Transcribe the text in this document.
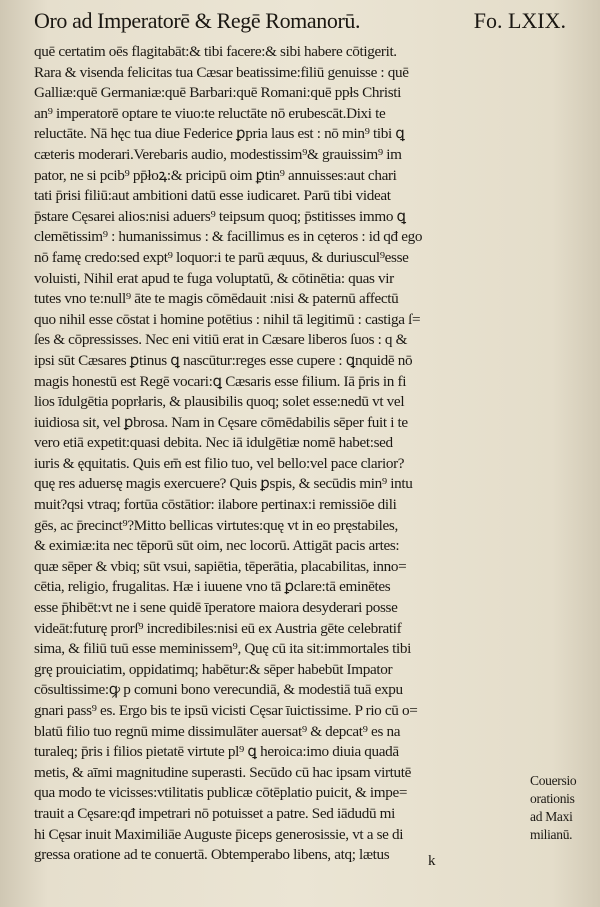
Oro ad Imperatorē & Regē Romanorū.	Fo. LXIX.
quē certatim oēs flagitabāt:& tibi facere:& sibi habere cōtigerit.
Rara & visenda felicitas tua Cæsar beatissime:filiū genuisse : quē
Galliæ:quē Germaniæ:quē Barbari:quē Romani:quē ppłs Christi
an⁹ imperatorē optare te viuo:te reluctāte nō erubescāt.Dixi te
reluctāte. Nā hęc tua diue Federice ꝑpria laus est : nō min⁹ tibi ꝗ
cæteris moderari.Verebaris audio, modestissim⁹& grauissim⁹ im
pator, ne si pcib⁹ pp̄łoꝝ:& pricipū oim ꝑtin⁹ annuisses:aut chari
tati p̄risi filiū:aut ambitioni datū esse iudicaret. Parū tibi videat
p̄stare Cęsarei alios:nisi aduers⁹ teipsum quoq; p̄stitisses immo ꝗ
clemētissim⁹ : humanissimus : & facillimus es in cęteros : id qđ ego
nō famę credo:sed expt⁹ loquor:i te parū æquus, & duriuscul⁹esse
voluisti, Nihil erat apud te fuga voluptatū, & cōtinētia: quas vir
tutes vno te:null⁹ āte te magis cōmēdauit :nisi & paternū affectū
quo nihil esse cōstat i homine potētius : nihil tā legitimū : castiga ſ=
ſes & cōpressisses. Nec eni vitiū erat in Cæsare liberos ſuos : q &
ipsi sūt Cæsares ꝑtinus ꝗ nascūtur:reges esse cupere : ꝗnquidē nō
magis honestū est Regē vocari:ꝗ Cæsaris esse filium. Iā p̄ris in fi
lios īdulgētia poprłaris, & plausibilis quoq; solet esse:nedū vt vel
iuidiosa sit, vel ꝑbrosa. Nam in Cęsare cōmēdabilis sēper fuit i te
vero etiā expetit:quasi debita. Nec iā idulgētiæ nomē habet:sed
iuris & ęquitatis. Quis em̄ est filio tuo, vel bello:vel pace clarior?
quę res aduersę magis exercuere? Quis ꝑspis, & secūdis min⁹ intu
muit?qsi vtraq; fortūa cōstātior: ilabore pertinax:i remissiōe dili
gēs, ac p̄recinct⁹?Mitto bellicas virtutes:quę vt in eo pręstabiles,
& eximiæ:ita nec tēporū sūt oim, nec locorū. Attigāt pacis artes:
quæ sēper & vbiq; sūt vsui, sapiētia, tēperātia, placabilitas, inno=
cētia, religio, frugalitas. Hæ i iuuene vno tā ꝑclare:tā eminētes
esse p̄hibēt:vt ne i sene quidē īperatore maiora desyderari posse
videāt:futurę prorſ⁹ incredibiles:nisi eū ex Austria gēte celebratif
sima, & filiū tuū esse meminissem⁹, Quę cū ita sit:immortales tibi
grę prouiciatim, oppidatimq; habētur:& sēper habebūt Impator
cōsultissime:ꝙ p comuni bono verecundiā, & modestiā tuā expu
gnari pass⁹ es. Ergo bis te ipsū vicisti Cęsar īuictissime. P rio cū o=
blatū filio tuo regnū mime dissimulāter auersat⁹ & depcat⁹ es na
turaleq; p̄ris i filios pietatē virtute pl⁹ ꝗ heroica:imo diuia quadā
metis, & aīmi magnitudine superasti. Secūdo cū hac ipsam virtutē
qua modo te vicisses:vtilitatis publicæ cōtēplatio puicit, & impe=
trauit a Cęsare:qđ impetrari nō potuisset a patre. Sed iādudū mi
hi Cęsar inuit Maximiliāe Auguste p̄iceps generosissie, vt a se di
gressa oratione ad te conuertā. Obtemperabo libens, atq; lætus
Couersio
orationis
ad Maxi
milianū.
k
